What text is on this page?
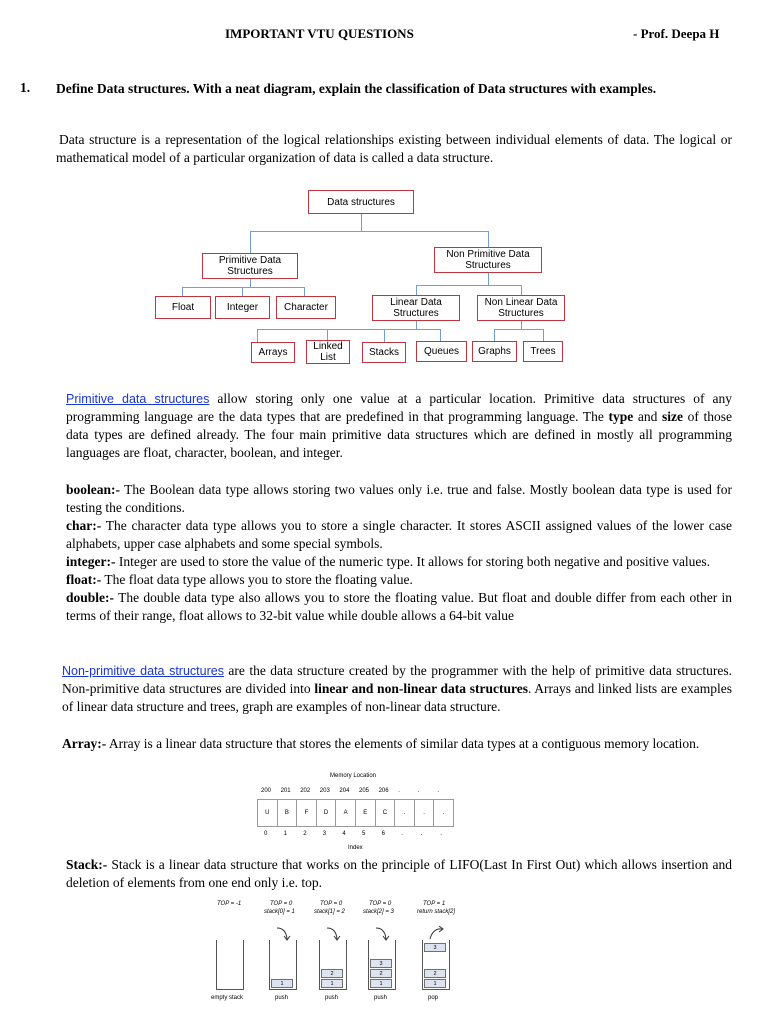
IMPORTANT VTU QUESTIONS	- Prof. Deepa H
1. Define Data structures. With a neat diagram, explain the classification of Data structures with examples.
Data structure is a representation of the logical relationships existing between individual elements of data. The logical or mathematical model of a particular organization of data is called a data structure.
Data structures
Primitive Data Structures
Non Primitive Data Structures
Float	Integer	Character	Linear Data Structures
Non Linear Data Structures
Arrays
Linked List	Stacks	Queues	Graphs	Trees
Primitive data structures allow storing only one value at a particular location. Primitive data structures of any programming language are the data types that are predefined in that programming language. The type and size of those data types are defined already. The four main primitive data structures which are defined in mostly all programming languages are float, character, boolean, and integer.
boolean:- The Boolean data type allows storing two values only i.e. true and false. Mostly boolean data type is used for testing the conditions.
char:- The character data type allows you to store a single character. It stores ASCII assigned values of the lower case alphabets, upper case alphabets and some special symbols.
integer:- Integer are used to store the value of the numeric type. It allows for storing both negative and positive values.
float:- The float data type allows you to store the floating value.
double:- The double data type also allows you to store the floating value. But float and double differ from each other in terms of their range, float allows to 32-bit value while double allows a 64-bit value
Non-primitive data structures are the data structure created by the programmer with the help of primitive data structures. Non-primitive data structures are divided into linear and non-linear data structures. Arrays and linked lists are examples of linear data structure and trees, graph are examples of non-linear data structure.
Array:- Array is a linear data structure that stores the elements of similar data types at a contiguous memory location.
Memory Location
Index
200 201 202 203 204 205 206 .	.	.
U	B	F	D	A	E	C	.	.	.
0	1	2	3	4	5	6	.	.	.
Stack:- Stack is a linear data structure that works on the principle of LIFO(Last In First Out) which allows insertion and deletion of elements from one end only i.e. top.
TOP = -1
empty stack
TOP = 0
stack[0] = 1
1
push
TOP = 0
stack[1] = 2
1
2
push
TOP = 0
stack[2] = 3
1
2
3
push
TOP = 1
return stack[2]
1
2
3
pop
